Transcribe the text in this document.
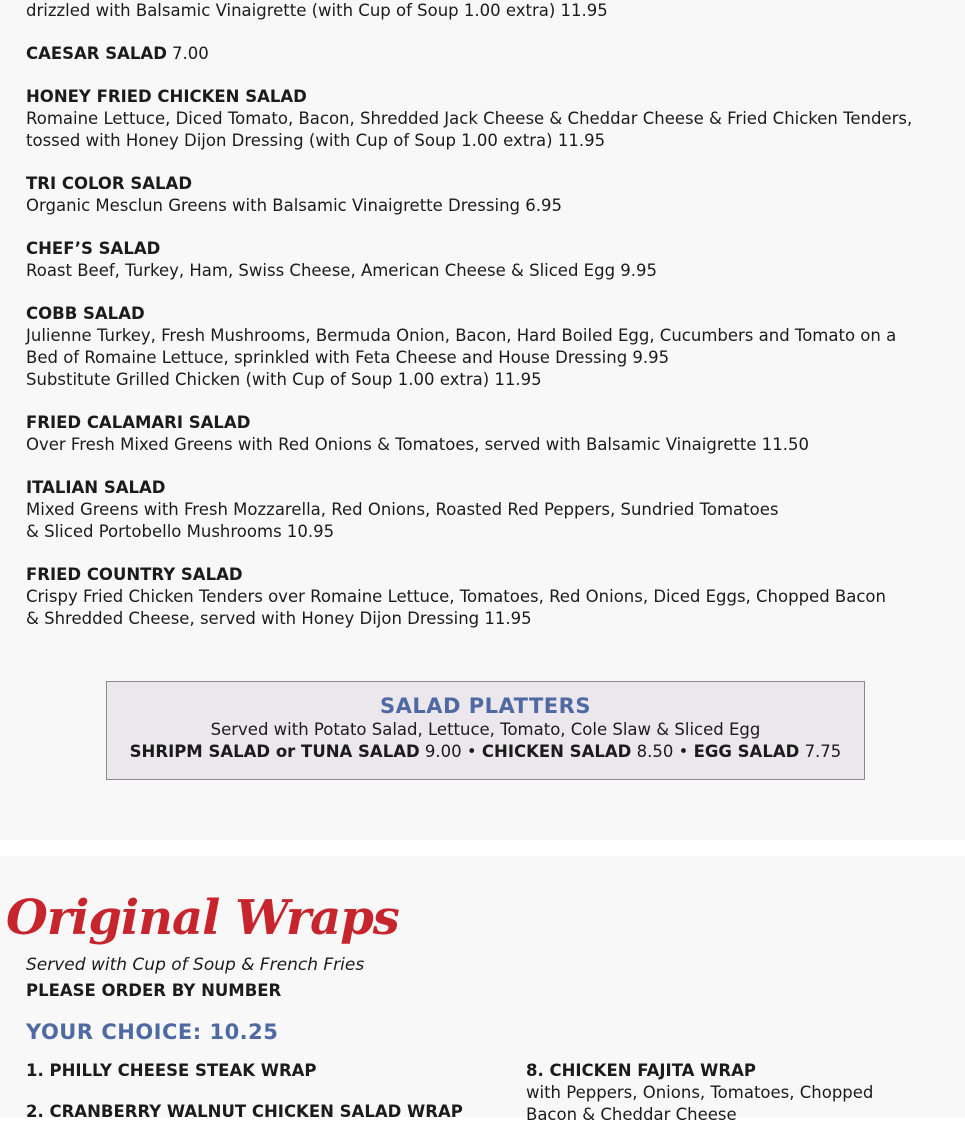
drizzled with Balsamic Vinaigrette (with Cup of Soup 1.00 extra) 11.95
CAESAR SALAD 7.00
HONEY FRIED CHICKEN SALAD
Romaine Lettuce, Diced Tomato, Bacon, Shredded Jack Cheese & Cheddar Cheese & Fried Chicken Tenders,
tossed with Honey Dijon Dressing (with Cup of Soup 1.00 extra) 11.95
TRI COLOR SALAD
Organic Mesclun Greens with Balsamic Vinaigrette Dressing 6.95
CHEF’S SALAD
Roast Beef, Turkey, Ham, Swiss Cheese, American Cheese & Sliced Egg 9.95
COBB SALAD
Julienne Turkey, Fresh Mushrooms, Bermuda Onion, Bacon, Hard Boiled Egg, Cucumbers and Tomato on a
Bed of Romaine Lettuce, sprinkled with Feta Cheese and House Dressing 9.95
Substitute Grilled Chicken (with Cup of Soup 1.00 extra) 11.95
FRIED CALAMARI SALAD
Over Fresh Mixed Greens with Red Onions & Tomatoes, served with Balsamic Vinaigrette 11.50
ITALIAN SALAD
Mixed Greens with Fresh Mozzarella, Red Onions, Roasted Red Peppers, Sundried Tomatoes
& Sliced Portobello Mushrooms 10.95
FRIED COUNTRY SALAD
Crispy Fried Chicken Tenders over Romaine Lettuce, Tomatoes, Red Onions, Diced Eggs, Chopped Bacon
& Shredded Cheese, served with Honey Dijon Dressing 11.95
SALAD PLATTERS
Served with Potato Salad, Lettuce, Tomato, Cole Slaw & Sliced Egg
SHRIPM SALAD or TUNA SALAD 9.00 • CHICKEN SALAD 8.50 • EGG SALAD 7.75
Original Wraps
Served with Cup of Soup & French Fries
PLEASE ORDER BY NUMBER
YOUR CHOICE: 10.25
1. PHILLY CHEESE STEAK WRAP
2. CRANBERRY WALNUT CHICKEN SALAD WRAP
8. CHICKEN FAJITA WRAP
with Peppers, Onions, Tomatoes, Chopped
Bacon & Cheddar Cheese
